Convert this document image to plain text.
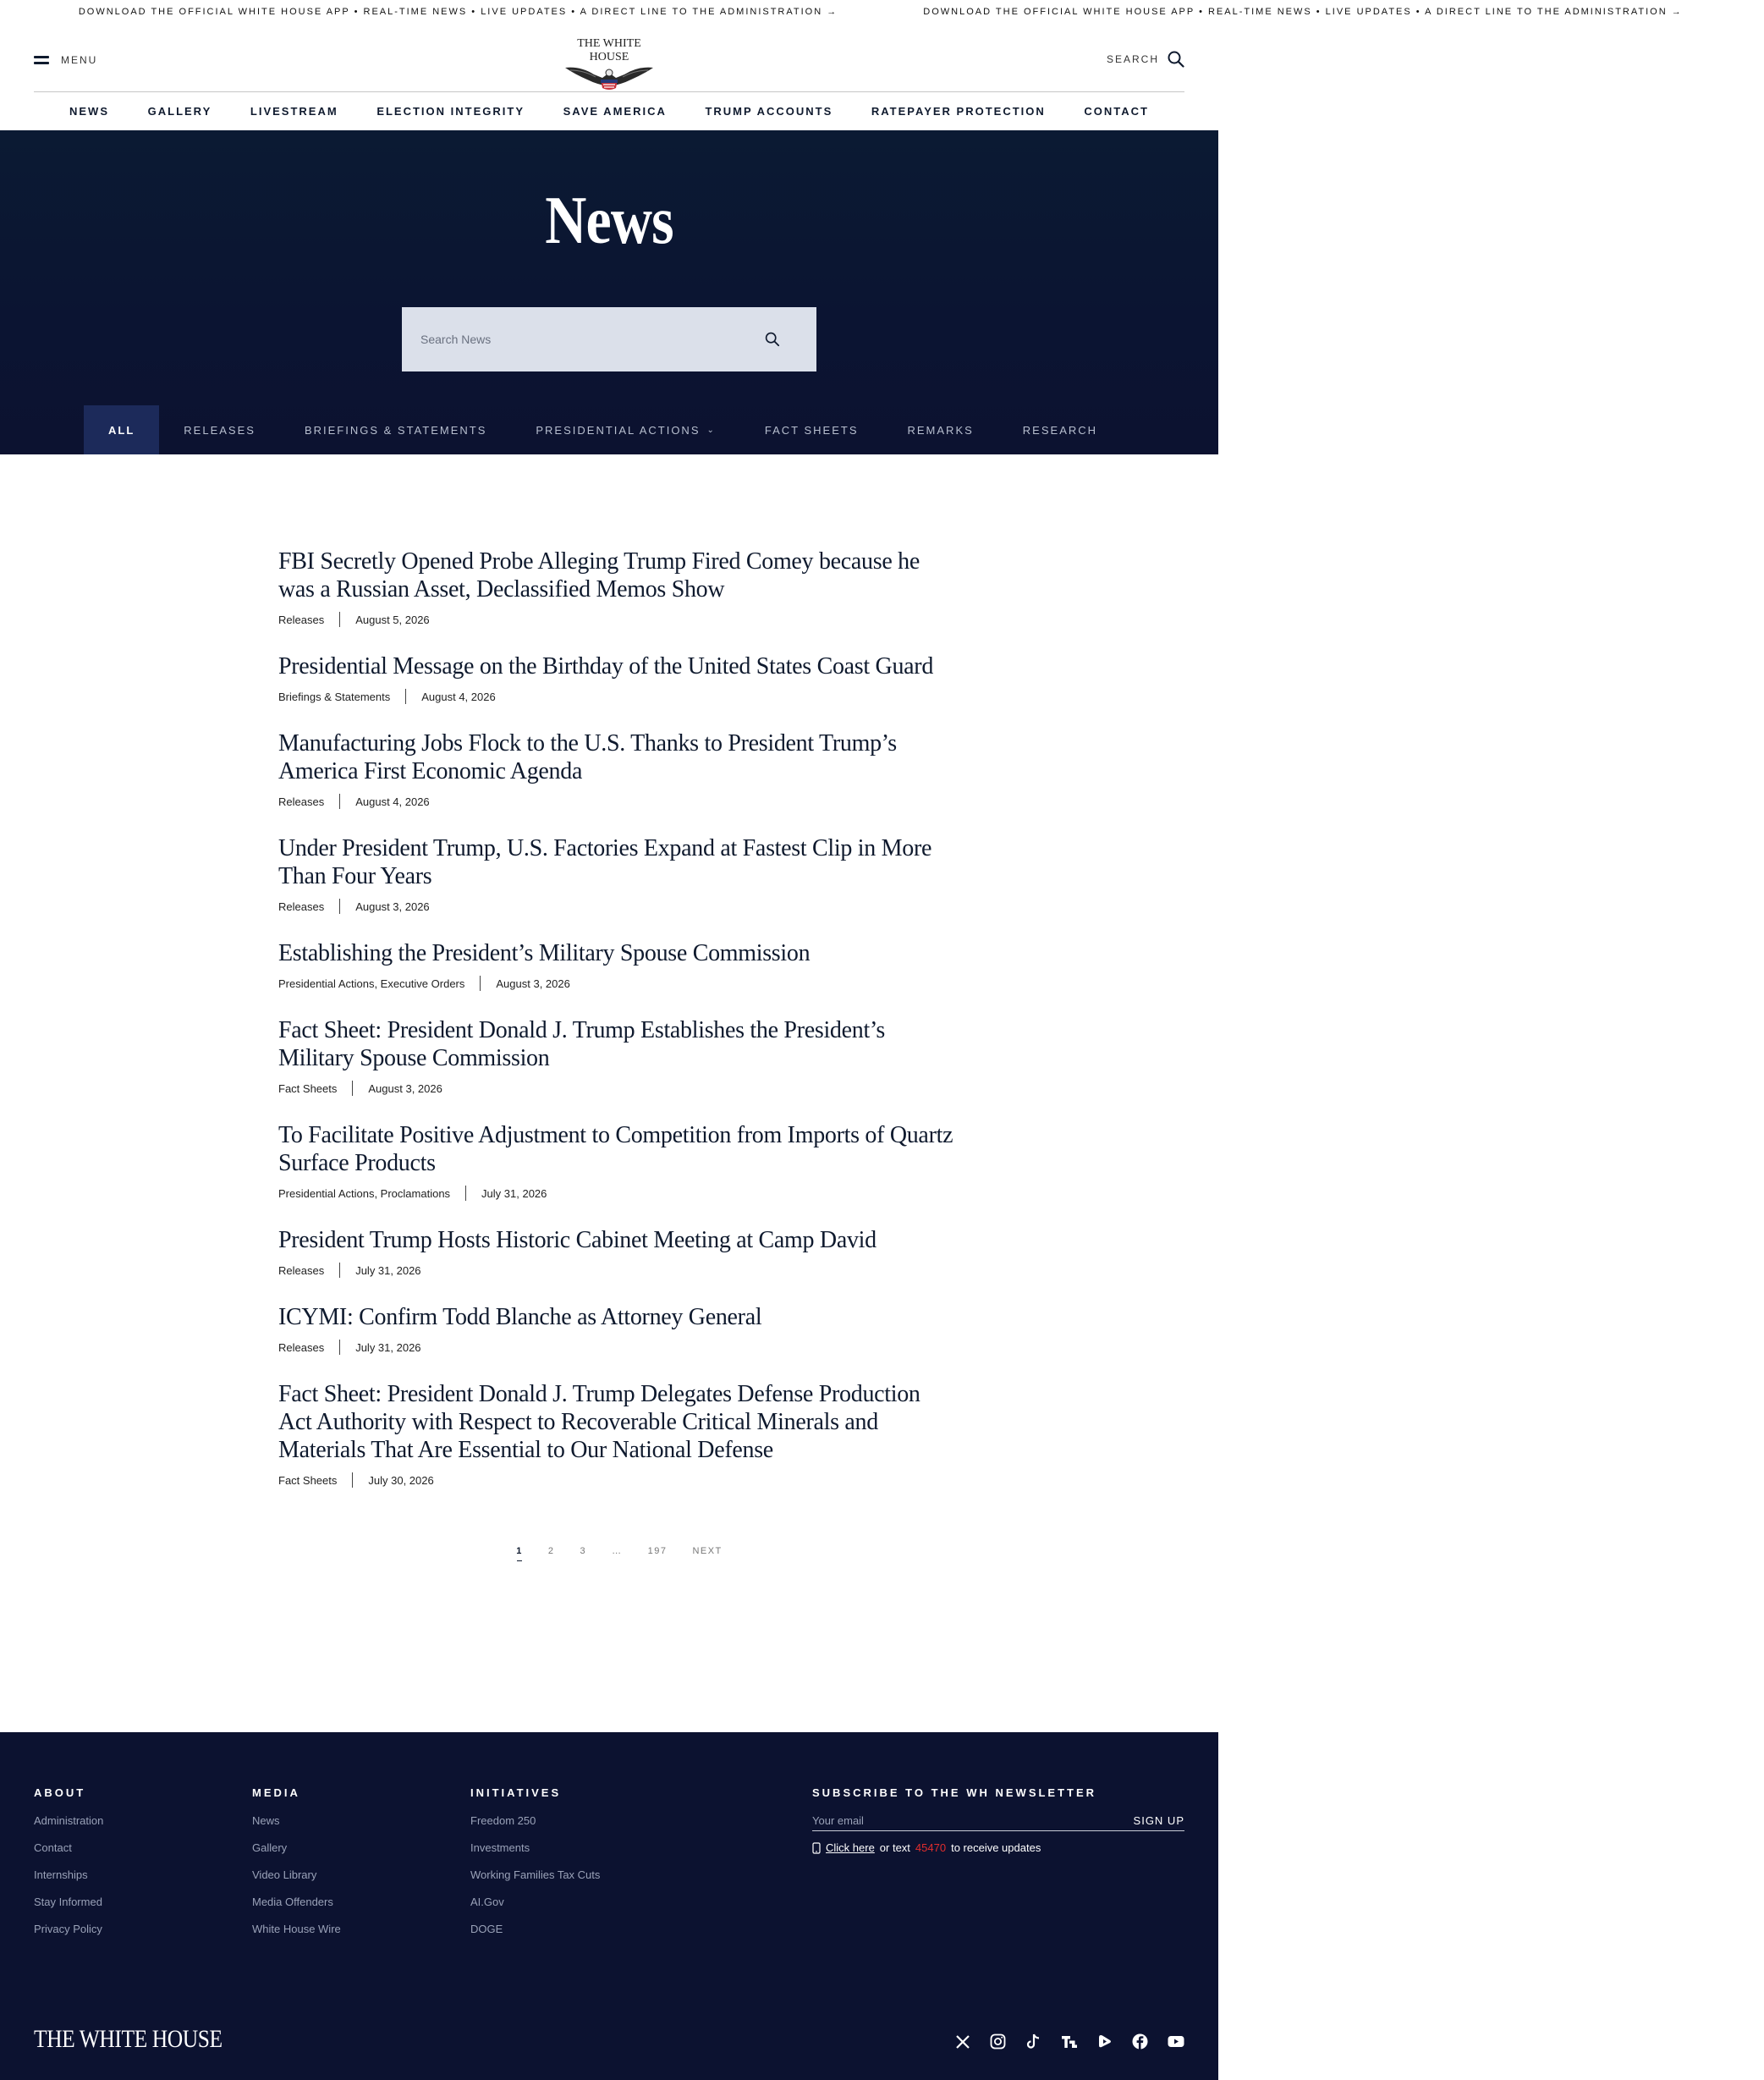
DOWNLOAD THE OFFICIAL WHITE HOUSE APP • REAL-TIME NEWS • LIVE UPDATES • A DIRECT LINE TO THE ADMINISTRATION →	DOWNLOAD THE OFFICIAL WHITE HOUSE APP • REAL-TIME NEWS • LIVE UPDATES • A DIRECT LINE TO THE ADMINISTRATION →
MENU
THE WHITE HOUSE	SEARCH
NEWS	GALLERY	LIVESTREAM	ELECTION INTEGRITY	SAVE AMERICA	TRUMP ACCOUNTS	RATEPAYER PROTECTION	CONTACT
News
Search News
ALL	RELEASES	BRIEFINGS & STATEMENTS	PRESIDENTIAL ACTIONS ⌄	FACT SHEETS	REMARKS	RESEARCH
FBI Secretly Opened Probe Alleging Trump Fired Comey because he was a Russian Asset, Declassified Memos Show
Releases	August 5, 2026
Presidential Message on the Birthday of the United States Coast Guard
Briefings & Statements	August 4, 2026
Manufacturing Jobs Flock to the U.S. Thanks to President Trump’s America First Economic Agenda
Releases	August 4, 2026
Under President Trump, U.S. Factories Expand at Fastest Clip in More Than Four Years
Releases	August 3, 2026
Establishing the President’s Military Spouse Commission
Presidential Actions, Executive Orders	August 3, 2026
Fact Sheet: President Donald J. Trump Establishes the President’s Military Spouse Commission
Fact Sheets	August 3, 2026
To Facilitate Positive Adjustment to Competition from Imports of Quartz Surface Products
Presidential Actions, Proclamations	July 31, 2026
President Trump Hosts Historic Cabinet Meeting at Camp David
Releases	July 31, 2026
ICYMI: Confirm Todd Blanche as Attorney General
Releases	July 31, 2026
Fact Sheet: President Donald J. Trump Delegates Defense Production Act Authority with Respect to Recoverable Critical Minerals and Materials That Are Essential to Our National Defense
Fact Sheets	July 30, 2026
1	2	3	…	197	NEXT
ABOUT
Administration
Contact
Internships
Stay Informed
Privacy Policy
MEDIA
News
Gallery
Video Library
Media Offenders
White House Wire
INITIATIVES
Freedom 250
Investments
Working Families Tax Cuts
AI.Gov
DOGE
SUBSCRIBE TO THE WH NEWSLETTER
Your email
SIGN UP
Click here or text 45470 to receive updates
THE WHITE HOUSE
